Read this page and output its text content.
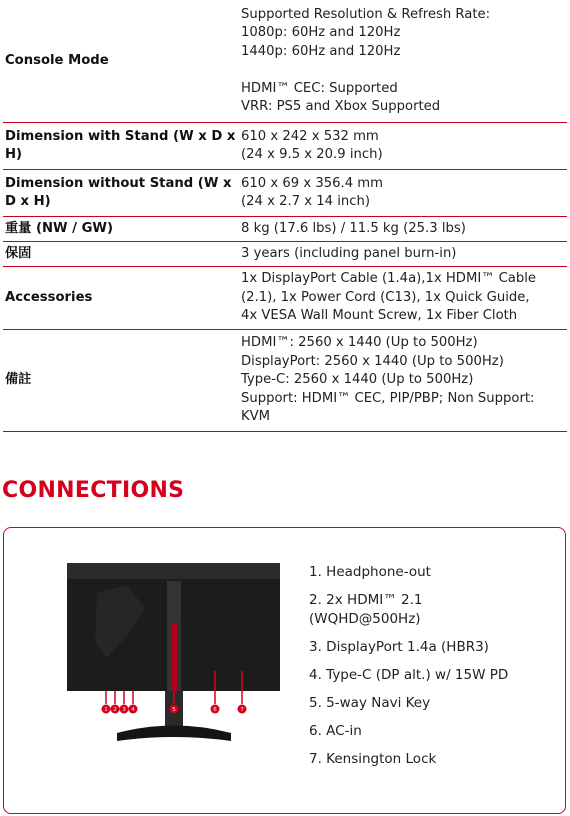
Console Mode	Supported Resolution & Refresh Rate:
1080p: 60Hz and 120Hz
1440p: 60Hz and 120Hz

HDMI™ CEC: Supported
VRR: PS5 and Xbox Supported
Dimension with Stand (W x D x H)	610 x 242 x 532 mm
(24 x 9.5 x 20.9 inch)
Dimension without Stand (W x D x H)	610 x 69 x 356.4 mm
(24 x 2.7 x 14 inch)
重量 (NW / GW)	8 kg (17.6 lbs) / 11.5 kg (25.3 lbs)
保固	3 years (including panel burn-in)
Accessories	1x DisplayPort Cable (1.4a),1x HDMI™ Cable
(2.1), 1x Power Cord (C13), 1x Quick Guide,
4x VESA Wall Mount Screw, 1x Fiber Cloth
備註	HDMI™: 2560 x 1440 (Up to 500Hz)
DisplayPort: 2560 x 1440 (Up to 500Hz)
Type-C: 2560 x 1440 (Up to 500Hz)
Support: HDMI™ CEC, PIP/PBP; Non Support:
KVM
CONNECTIONS
1 2 3 4	5	6	7
1. Headphone-out
2. 2x HDMI™ 2.1
(WQHD@500Hz)
3. DisplayPort 1.4a (HBR3)
4. Type-C (DP alt.) w/ 15W PD
5. 5-way Navi Key
6. AC-in
7. Kensington Lock
